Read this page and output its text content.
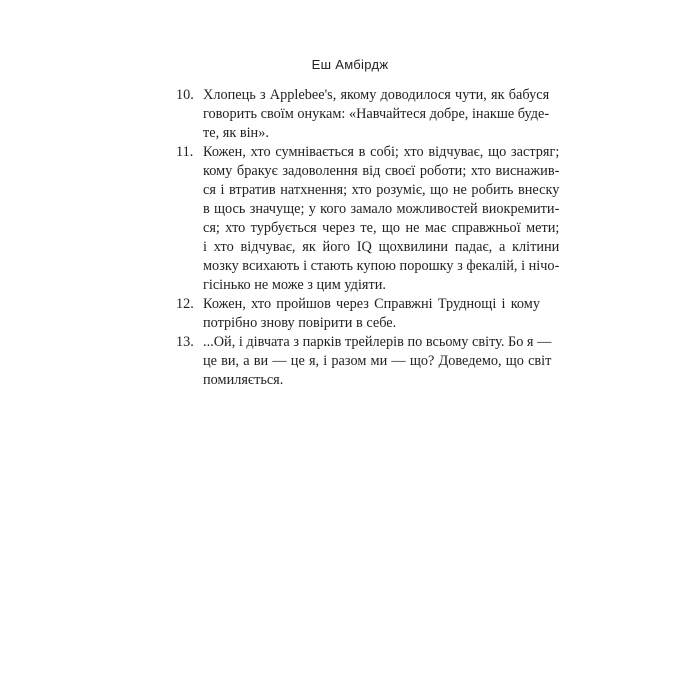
Еш Амбірдж
10. Хлопець з Applebee's, якому доводилося чути, як бабуся
говорить своїм онукам: «Навчайтеся добре, інакше буде-
те, як він».
11. Кожен, хто сумнівається в собі; хто відчуває, що застряг;
кому бракує задоволення від своєї роботи; хто виснажив-
ся і втратив натхнення; хто розуміє, що не робить внеску
в щось значуще; у кого замало можливостей виокремити-
ся; хто турбується через те, що не має справжньої мети;
і хто відчуває, як його IQ щохвилини падає, а клітини
мозку всихають і стають купою порошку з фекалій, і нічо-
гісінько не може з цим удіяти.
12. Кожен, хто пройшов через Справжні Труднощі і кому
потрібно знову повірити в себе.
13. ...Ой, і дівчата з парків трейлерів по всьому світу. Бо я —
це ви, а ви — це я, і разом ми — що? Доведемо, що світ
помиляється.
